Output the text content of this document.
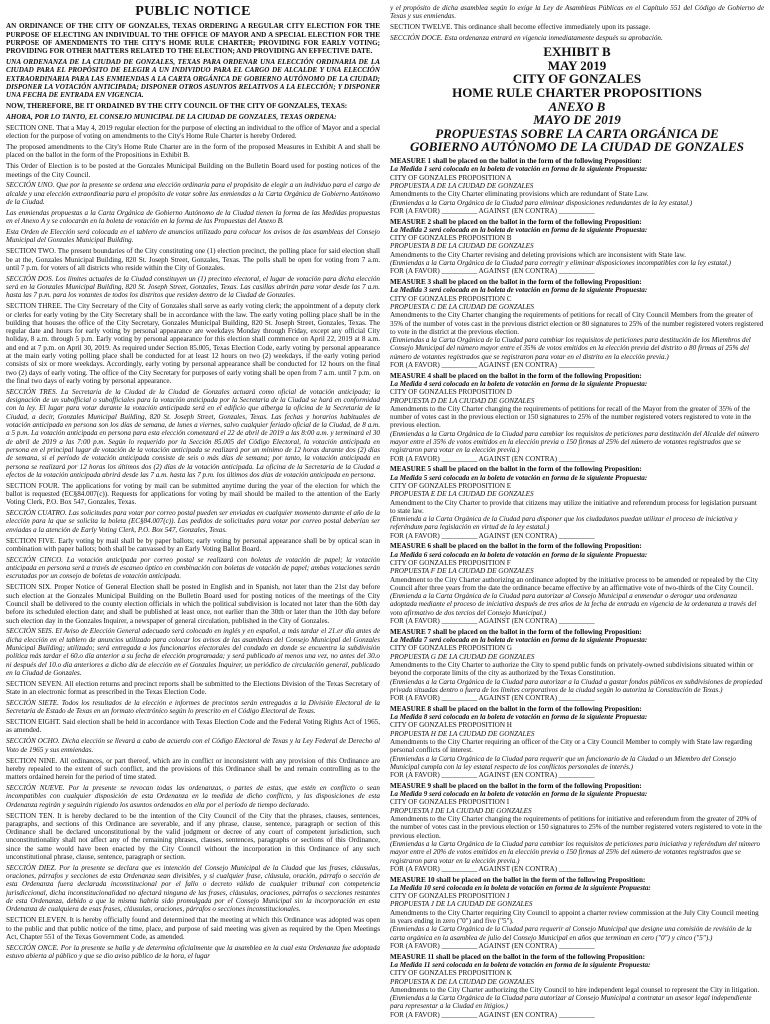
PUBLIC NOTICE

AN ORDINANCE OF THE CITY OF GONZALES, TEXAS ORDERING A REGULAR CITY ELECTION FOR THE PURPOSE OF ELECTING AN INDIVIDUAL TO THE OFFICE OF MAYOR AND A SPECIAL ELECTION FOR THE PURPOSE OF AMENDMENTS TO THE CITY'S HOME RULE CHARTER; PROVIDING FOR EARLY VOTING; PROVIDING FOR OTHER MATTERS RELATED TO THE ELECTION; AND PROVIDING AN EFFECTIVE DATE.

UNA ORDENANZA DE LA CIUDAD DE GONZALES, TEXAS PARA ORDENAR UNA ELECCIÓN ORDINARIA DE LA CIUDAD PARA EL PROPÓSITO DE ELEGIR A UN INDIVIDUO PARA EL CARGO DE ALCALDE Y UNA ELECCIÓN EXTRAORDINARIA PARA LAS ENMIENDAS A LA CARTA ORGÁNICA DE GOBIERNO AUTÓNOMO DE LA CIUDAD; DISPONER LA VOTACIÓN ANTICIPADA; DISPONER OTROS ASUNTOS RELATIVOS A LA ELECCIÓN; Y DISPONER UNA FECHA DE ENTRADA EN VIGENCIA.

NOW, THEREFORE, BE IT ORDAINED BY THE CITY COUNCIL OF THE CITY OF GONZALES, TEXAS:

AHORA, POR LO TANTO, EL CONSEJO MUNICIPAL DE LA CIUDAD DE GONZALES, TEXAS ORDENA:

SECTION ONE. That a May 4, 2019 regular election for the purpose of electing an individual to the office of Mayor and a special election for the purpose of voting on amendments to the City's Home Rule Charter is hereby Ordered.

The proposed amendments to the City's Home Rule Charter are in the form of the proposed Measures in Exhibit A and shall be placed on the ballot in the form of the Propositions in Exhibit B.

This Order of Election is to be posted at the Gonzales Municipal Building on the Bulletin Board used for posting notices of the meetings of the City Council.

SECCIÓN UNO. Que por la presente se ordena una elección ordinaria para el propósito de elegir a un individuo para el cargo de alcalde y una elección extraordinaria para el propósito de votar sobre las enmiendas a la Carta Orgánica de Gobierno Autónomo de la Ciudad.

Las enmiendas propuestas a la Carta Orgánica de Gobierno Autónomo de la Ciudad tienen la forma de las Medidas propuestas en el Anexo A y se colocarán en la boleta de votación en la forma de las Propuestas del Anexo B.

Esta Orden de Elección será colocada en el tablero de anuncios utilizado para colocar los avisos de las asambleas del Consejo Municipal del Gonzales Municipal Building.

SECTION TWO. The present boundaries of the City constituting one (1) election precinct, the polling place for said election shall be at the, Gonzales Municipal Building, 820 St. Joseph Street, Gonzales, Texas. The polls shall be open for voting from 7 a.m. until 7 p.m. for voters of all districts who reside within the City of Gonzales.

SECCIÓN DOS. Los límites actuales de la Ciudad constituyen un (1) precinto electoral, el lugar de votación para dicha elección será en la Gonzales Municipal Building, 820 St. Joseph Street, Gonzales, Texas. Las casillas abrirán para votar desde las 7 a.m. hasta las 7 p.m. para los votantes de todos los distritos que residen dentro de la Ciudad de Gonzales.

SECTION THREE. The City Secretary of the City of Gonzales shall serve as early voting clerk; the appointment of a deputy clerk or clerks for early voting by the City Secretary shall be in accordance with the law. The early voting polling place shall be in the building that houses the office of the City Secretary, Gonzales Municipal Building, 820 St. Joseph Street, Gonzales, Texas. The regular date and hours for early voting by personal appearance are weekdays Monday through Friday, except any official City holiday, 8 a.m. through 5 p.m. Early voting by personal appearance for this election shall commence on April 22, 2019 at 8 a.m. and end at 7 p.m. on April 30, 2019. As required under Section 85.005, Texas Election Code, early voting by personal appearance at the main early voting polling place shall be conducted for at least 12 hours on two (2) weekdays, if the early voting period consists of six or more weekdays. Accordingly, early voting by personal appearance shall be conducted for 12 hours on the final two (2) days of early voting. The office of the City Secretary for purposes of early voting shall be open from 7 a.m. until 7 p.m. on the final two days of early voting by personal appearance.

SECCIÓN TRES. La Secretaria de la Ciudad de la Ciudad de Gonzales actuará como oficial de votación anticipada; la designación de un subofficial o subofficiales para la votación anticipada por la Secretaria de la Ciudad se hará en conformidad con la ley. El lugar para votar durante la votación anticipada será en el edificio que alberga la oficina de la Secretaria de la Ciudad, a decir, Gonzales Municipal Building, 820 St. Joseph Street, Gonzales, Texas. Las fechas y horarios habituales de votación anticipada en persona son los días de semana, de lunes a viernes, salvo cualquier feriado oficial de la Ciudad, de 8 a.m. a 5 p.m. La votación anticipada en persona para esta elección comenzará el 22 de abril de 2019 a las 8:00 a.m. y terminará el 30 de abril de 2019 a las 7:00 p.m. Según lo requerido por la Sección 85.005 del Código Electoral, la votación anticipada en persona en el principal lugar de votación de la votación anticipada se realizará por un mínimo de 12 horas durante dos (2) días de semana, si el período de votación anticipada consiste de seis o más días de semana; por tanto, la votación anticipada en persona se realizará por 12 horas los últimos dos (2) días de la votación anticipada. La oficina de la Secretaria de la Ciudad a efectos de la votación anticipada abrirá desde las 7 a.m. hasta las 7 p.m. los últimos dos días de votación anticipada en persona.

SECTION FOUR. The applications for voting by mail can be submitted anytime during the year of the election for which the ballot is requested (EC§84.007(c)). Requests for applications for voting by mail should be mailed to the attention of the Early Voting Clerk, P.O. Box 547, Gonzales, Texas.

SECCIÓN CUATRO. Las solicitudes para votar por correo postal pueden ser enviadas en cualquier momento durante el año de la elección para la que se solicita la boleta (EC§84.007(c)). Las pedidos de solicitudes para votar por correo postal deberían ser enviadas a la atención de Early Voting Clerk, P.O. Box 547, Gonzales, Texas.

SECTION FIVE. Early voting by mail shall be by paper ballots; early voting by personal appearance shall be by optical scan in combination with paper ballots; both shall be canvassed by an Early Voting Ballot Board.

SECCIÓN CINCO. La votación anticipada por correo postal se realizará con boletas de votación de papel; la votación anticipada en persona será a través de escaneo óptico en combinación con boletas de votación de papel; ambas votaciones serán escrutadas por un consejo de boletas de votación anticipada.

SECTION SIX. Proper Notice of General Election shall be posted in English and in Spanish, not later than the 21st day before such election at the Gonzales Municipal Building on the Bulletin Board used for posting notices of the meetings of the City Council shall be delivered to the county election officials in which the political subdivision is located not later than the 60th day before its scheduled election date; and shall be published at least once, not earlier than the 30th or later than the 10th day before such election day in the Gonzales Inquirer, a newspaper of general circulation, published in the City of Gonzales.

SECCIÓN SEIS. El Aviso de Elección General adecuado será colocado en inglés y en español, a más tardar el 21.er día antes de dicha elección en el tablero de anuncios utilizado para colocar los avisos de las asambleas del Consejo Municipal del Gonzales Municipal Building; utilizado; será entregada a los funcionarios electorales del condado en donde se encuentra la subdivisión política más tardar el 60.o día anterior a su fecha de elección programada; y será publicado al menos una vez, no antes del 30.o ni después del 10.o día anteriores a dicho día de elección en el Gonzales Inquirer, un periódico de circulación general, publicado en la Ciudad de Gonzales.

SECTION SEVEN. All election returns and precinct reports shall be submitted to the Elections Division of the Texas Secretary of State in an electronic format as prescribed in the Texas Election Code.

SECCIÓN SIETE. Todos los resultados de la elección e informes de precintos serán entregados a la División Electoral de la Secretaría de Estado de Texas en un formato electrónico según lo prescrito en el Código Electoral de Texas.

SECTION EIGHT. Said election shall be held in accordance with Texas Election Code and the Federal Voting Rights Act of 1965, as amended.

SECCIÓN OCHO. Dicha elección se llevará a cabo de acuerdo con el Código Electoral de Texas y la Ley Federal de Derecho al Voto de 1965 y sus enmiendas.

SECTION NINE. All ordinances, or part thereof, which are in conflict or inconsistent with any provision of this Ordinance are hereby repealed to the extent of such conflict, and the provisions of this Ordinance shall be and remain controlling as to the matters ordained herein for the period of time stated.

SECCIÓN NUEVE. Por la presente se revocan todas las ordenanzas, o partes de estas, que estén en conflicto o sean incompatibles con cualquier disposición de esta Ordenanza en la medida de dicho conflicto, y las disposiciones de esta Ordenanza regirán y seguirán rigiendo los asuntos ordenados en ella por el período de tiempo declarado.

SECTION TEN. It is hereby declared to be the intention of the City Council of the City that the phrases, clauses, sentences, paragraphs, and sections of this Ordinance are severable, and if any phrase, clause, sentence, paragraph or section of this Ordinance shall be declared unconstitutional by the valid judgment or decree of any court of competent jurisdiction, such unconstitutionality shall not affect any of the remaining phrases, clauses, sentences, paragraphs or sections of this Ordinance, since the same would have been enacted by the City Council without the incorporation in this Ordinance of any such unconstitutional phrase, clause, sentence, paragraph or section.

SECCIÓN DIEZ. Por la presente se declara que es intención del Consejo Municipal de la Ciudad que las frases, cláusulas, oraciones, párrafos y secciones de esta Ordenanza sean divisibles, y si cualquier frase, cláusula, oración, párrafo o sección de esta Ordenanza fuera declarada inconstitucional por el fallo o decreto válido de cualquier tribunal con competencia jurisdiccional, dicha inconstitucionalidad no afectará ninguna de las frases, cláusulas, oraciones, párrafos o secciones restantes de esta Ordenanza, debido a que la misma habría sido promulgada por el Consejo Municipal sin la incorporación en esta Ordenanza de cualquiera de esas frases, cláusulas, oraciones, párrafos o secciones inconstitucionales.

SECTION ELEVEN. It is hereby officially found and determined that the meeting at which this Ordinance was adopted was open to the public and that public notice of the time, place, and purpose of said meeting was given as required by the Open Meetings Act, Chapter 551 of the Texas Government Code, as amended.

SECCIÓN ONCE. Por la presente se halla y de determina oficialmente que la asamblea en la cual esta Ordenanza fue adoptada estuvo abierta al público y que se dio aviso público de la hora, el lugar

y el propósito de dicha asamblea según lo exige la Ley de Asambleas Públicas en el Capítulo 551 del Código de Gobierno de Texas y sus enmiendas.

SECTION TWELVE. This ordinance shall become effective immediately upon its passage.

SECCIÓN DOCE. Esta ordenanza entrará en vigencia inmediatamente después su aprobación.

EXHIBIT B
MAY 2019
CITY OF GONZALES
HOME RULE CHARTER PROPOSITIONS
ANEXO B
MAYO DE 2019
PROPUESTAS SOBRE LA CARTA ORGÁNICA DE
GOBIERNO AUTÓNOMO DE LA CIUDAD DE GONZALES
MEASURE 1 shall be placed on the ballot in the form of the following Proposition:
La Medida 1 será colocada en la boleta de votación en forma de la siguiente Propuesta:
CITY OF GONZALES PROPOSITION A
PROPUESTA A DE LA CIUDAD DE GONZALES
Amendments to the City Charter eliminating provisions which are redundant of State Law.
(Enmiendas a la Carta Orgánica de la Ciudad para eliminar disposiciones redundantes de la ley estatal.)
FOR (A FAVOR) __________ AGAINST (EN CONTRA) __________
MEASURE 2 shall be placed on the ballot in the form of the following Proposition:
La Medida 2 será colocada en la boleta de votación en forma de la siguiente Propuesta:
CITY OF GONZALES PROPOSITION B
PROPUESTA B DE LA CIUDAD DE GONZALES
Amendments to the City Charter revising and deleting provisions which are inconsistent with State law.
(Enmiendas a la Carta Orgánica de la Ciudad para corregir y eliminar disposiciones incompatibles con la ley estatal.)
FOR (A FAVOR) __________ AGAINST (EN CONTRA) __________
MEASURE 3 shall be placed on the ballot in the form of the following Proposition:
La Medida 3 será colocada en la boleta de votación en forma de la siguiente Propuesta:
CITY OF GONZALES PROPOSITION C
PROPUESTA C DE LA CIUDAD DE GONZALES
Amendments to the City Charter changing the requirements of petitions for recall of City Council Members from the greater of 35% of the number of votes cast in the previous district election or 80 signatures to 25% of the number registered voters registered to vote in the district at the previous election.
(Enmiendas a la Carta Orgánica de la Ciudad para cambiar los requisitos de peticiones para destitución de los Miembros del Consejo Municipal del número mayor entre el 35% de votos emitidos en la elección previa del distrito o 80 firmas al 25% del número de votantes registrados que se registraron para votar en el distrito en la elección previa.)
FOR (A FAVOR) __________ AGAINST (EN CONTRA) __________
MEASURE 4 shall be placed on the ballot in the form of the following Proposition:
La Medida 4 será colocada en la boleta de votación en forma de la siguiente Propuesta:
CITY OF GONZALES PROPOSITION D
PROPUESTA D DE LA CIUDAD DE GONZALES
Amendments to the City Charter changing the requirements of petitions for recall of the Mayor from the greater of 35% of the number of votes cast in the previous election or 150 signatures to 25% of the number registered voters registered to vote in the previous election.
(Enmiendas a la Carta Orgánica de la Ciudad para cambiar los requisitos de peticiones para destitución del Alcalde del número mayor entre el 35% de votos emitidos en la elección previa o 150 firmas al 25% del número de votantes registrados que se registraron para votar en la elección previa.)
FOR (A FAVOR) __________ AGAINST (EN CONTRA) __________
MEASURE 5 shall be placed on the ballot in the form of the following Proposition:
La Medida 5 será colocada en la boleta de votación en forma de la siguiente Propuesta:
CITY OF GONZALES PROPOSITION E
PROPUESTA E DE LA CIUDAD DE GONZALES
Amendment to the City Charter to provide that citizens may utilize the initiative and referendum process for legislation pursuant to state law.
(Enmienda a la Carta Orgánica de la Ciudad para disponer que los ciudadanos puedan utilizar el proceso de iniciativa y referéndum para legislación en virtud de la ley estatal.)
FOR (A FAVOR) __________ AGAINST (EN CONTRA) __________
MEASURE 6 shall be placed on the ballot in the form of the following Proposition:
La Medida 6 será colocada en la boleta de votación en forma de la siguiente Propuesta:
CITY OF GONZALES PROPOSITION F
PROPUESTA F DE LA CIUDAD DE GONZALES
Amendment to the City Charter authorizing an ordinance adopted by the initiative process to be amended or repealed by the City Council after three years from the date the ordinance became effective by an affirmative vote of two-thirds of the City Council.
(Enmienda a la Carta Orgánica de la Ciudad para autorizar al Consejo Municipal a enmendar o derogar una ordenanza adoptada mediante el proceso de iniciativa después de tres años de la fecha de entrada en vigencia de la ordenanza a través del voto afirmativo de dos tercios del Consejo Municipal.)
FOR (A FAVOR) __________ AGAINST (EN CONTRA) __________
MEASURE 7 shall be placed on the ballot in the form of the following Proposition:
La Medida 7 será colocada en la boleta de votación en forma de la siguiente Propuesta:
CITY OF GONZALES PROPOSITION G
PROPUESTA G DE LA CIUDAD DE GONZALES
Amendments to the City Charter to authorize the City to spend public funds on privately-owned subdivisions situated within or beyond the corporate limits of the city as authorized by the Texas Constitution.
(Enmiendas a la Carta Orgánica de la Ciudad para autorizar a la Ciudad a gastar fondos públicos en subdivisiones de propiedad privada situadas dentro o fuera de los límites corporativos de la ciudad según lo autoriza la Constitución de Texas.)
FOR (A FAVOR) __________ AGAINST (EN CONTRA) __________
MEASURE 8 shall be placed on the ballot in the form of the following Proposition:
La Medida 8 será colocada en la boleta de votación en forma de la siguiente Propuesta:
CITY OF GONZALES PROPOSITION H
PROPUESTA H DE LA CIUDAD DE GONZALES
Amendments to the City Charter requiring an officer of the City or a City Council Member to comply with State law regarding personal conflicts of interest.
(Enmiendas a la Carta Orgánica de la Ciudad para requerir que un funcionario de la Ciudad o un Miembro del Consejo Municipal cumpla con la ley estatal respecto de los conflictos personales de interés.)
FOR (A FAVOR) __________ AGAINST (EN CONTRA) __________
MEASURE 9 shall be placed on the ballot in the form of the following Proposition:
La Medida 9 será colocada en la boleta de votación en forma de la siguiente Propuesta:
CITY OF GONZALES PROPOSITION I
PROPUESTA I DE LA CIUDAD DE GONZALES
Amendments to the City Charter changing the requirements of petitions for initiative and referendum from the greater of 20% of the number of votes cast in the previous election or 150 signatures to 25% of the number registered voters registered to vote in the previous election.
(Enmiendas a la Carta Orgánica de la Ciudad para cambiar los requisitos de peticiones para iniciativa y referéndum del número mayor entre el 20% de votos emitidos en la elección previa o 150 firmas al 25% del número de votantes registrados que se registraron para votar en la elección previa.)
FOR (A FAVOR) __________ AGAINST (EN CONTRA) __________
MEASURE 10 shall be placed on the ballot in the form of the following Proposition:
La Medida 10 será colocada en la boleta de votación en forma de la siguiente Propuesta:
CITY OF GONZALES PROPOSITION J
PROPUESTA J DE LA CIUDAD DE GONZALES
Amendments to the City Charter requiring City Council to appoint a charter review commission at the July City Council meeting in years ending in zero ("0") and five ("5").
(Enmiendas a la Carta Orgánica de la Ciudad para requerir al Consejo Municipal que designe una comisión de revisión de la carta orgánica en la asamblea de julio del Consejo Municipal en años que terminan en cero ("0") y cinco ("5").)
FOR (A FAVOR) __________ AGAINST (EN CONTRA) __________
MEASURE 11 shall be placed on the ballot in the form of the following Proposition:
La Medida 11 será colocada en la boleta de votación en forma de la siguiente Propuesta:
CITY OF GONZALES PROPOSITION K
PROPUESTA K DE LA CIUDAD DE GONZALES
Amendments to the City Charter authorizing the City Council to hire independent legal counsel to represent the City in litigation.
(Enmiendas a la Carta Orgánica de la Ciudad para autorizar al Consejo Municipal a contratar un asesor legal independiente para representar a la Ciudad en litigios.)
FOR (A FAVOR) __________ AGAINST (EN CONTRA) __________
